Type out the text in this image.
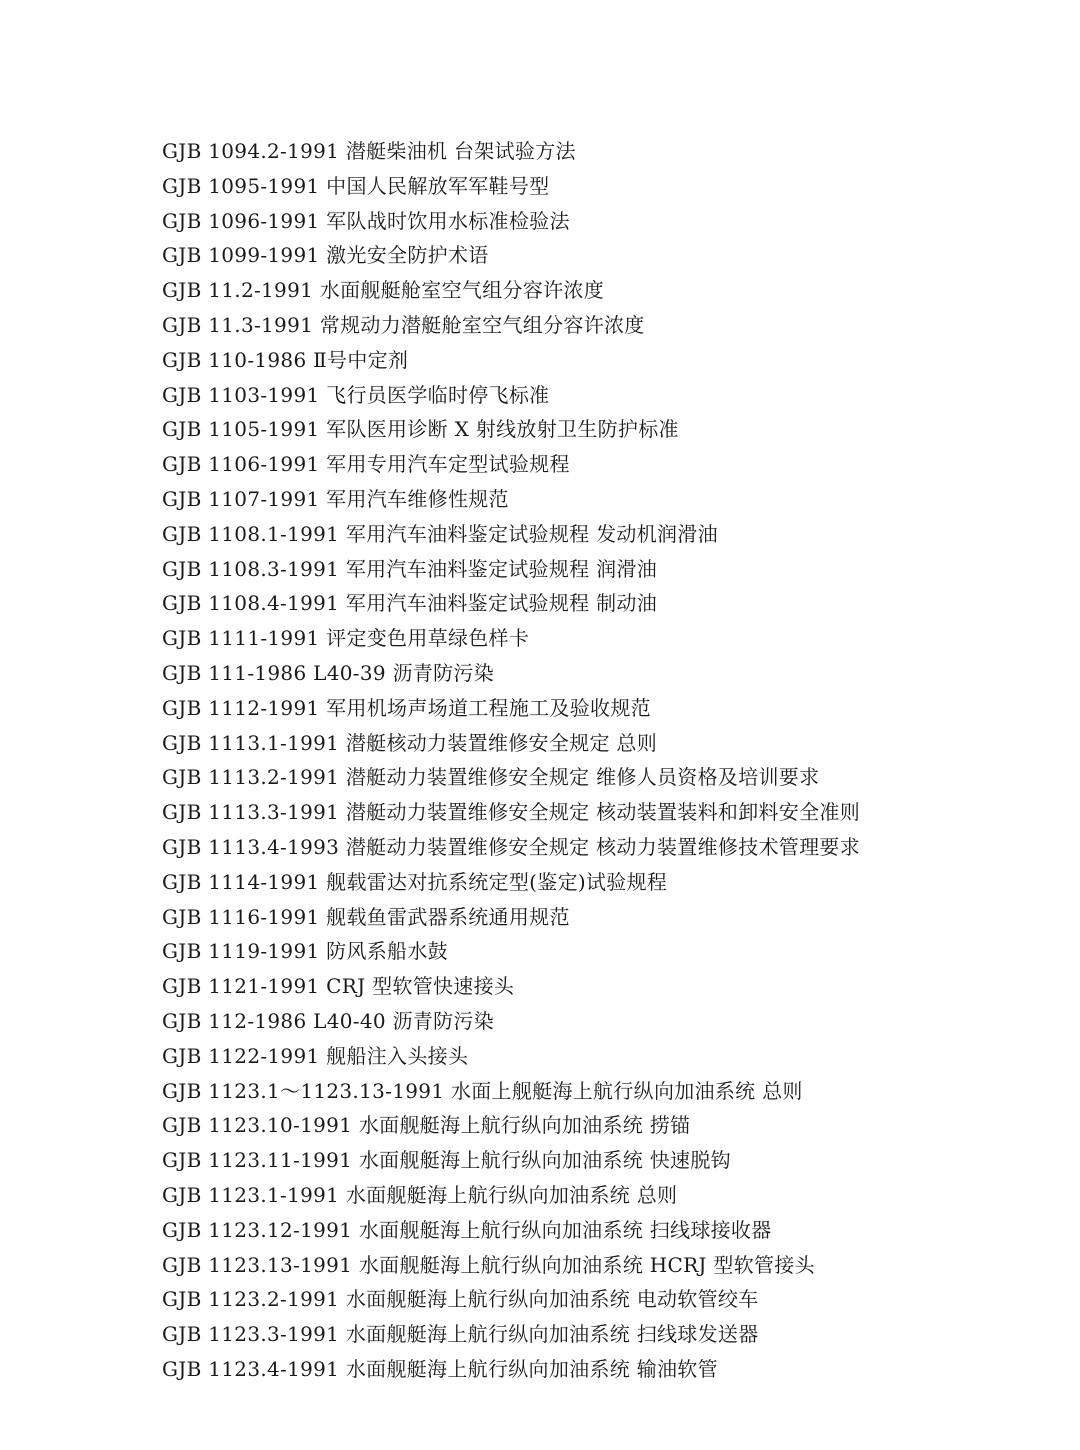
GJB 1094.2-1991 潜艇柴油机 台架试验方法
GJB 1095-1991 中国人民解放军军鞋号型
GJB 1096-1991 军队战时饮用水标准检验法
GJB 1099-1991 激光安全防护术语
GJB 11.2-1991 水面舰艇舱室空气组分容许浓度
GJB 11.3-1991 常规动力潜艇舱室空气组分容许浓度
GJB 110-1986 Ⅱ号中定剂
GJB 1103-1991 飞行员医学临时停飞标准
GJB 1105-1991 军队医用诊断 X 射线放射卫生防护标准
GJB 1106-1991 军用专用汽车定型试验规程
GJB 1107-1991 军用汽车维修性规范
GJB 1108.1-1991 军用汽车油料鉴定试验规程 发动机润滑油
GJB 1108.3-1991 军用汽车油料鉴定试验规程 润滑油
GJB 1108.4-1991 军用汽车油料鉴定试验规程 制动油
GJB 1111-1991 评定变色用草绿色样卡
GJB 111-1986 L40-39 沥青防污染
GJB 1112-1991 军用机场声场道工程施工及验收规范
GJB 1113.1-1991 潜艇核动力装置维修安全规定 总则
GJB 1113.2-1991 潜艇动力装置维修安全规定 维修人员资格及培训要求
GJB 1113.3-1991 潜艇动力装置维修安全规定 核动装置装料和卸料安全准则
GJB 1113.4-1993 潜艇动力装置维修安全规定 核动力装置维修技术管理要求
GJB 1114-1991 舰载雷达对抗系统定型(鉴定)试验规程
GJB 1116-1991 舰载鱼雷武器系统通用规范
GJB 1119-1991 防风系船水鼓
GJB 1121-1991 CRJ 型软管快速接头
GJB 112-1986 L40-40 沥青防污染
GJB 1122-1991 舰船注入头接头
GJB 1123.1～1123.13-1991 水面上舰艇海上航行纵向加油系统 总则
GJB 1123.10-1991 水面舰艇海上航行纵向加油系统 捞锚
GJB 1123.11-1991 水面舰艇海上航行纵向加油系统 快速脱钩
GJB 1123.1-1991 水面舰艇海上航行纵向加油系统 总则
GJB 1123.12-1991 水面舰艇海上航行纵向加油系统 扫线球接收器
GJB 1123.13-1991 水面舰艇海上航行纵向加油系统 HCRJ 型软管接头
GJB 1123.2-1991 水面舰艇海上航行纵向加油系统 电动软管绞车
GJB 1123.3-1991 水面舰艇海上航行纵向加油系统 扫线球发送器
GJB 1123.4-1991 水面舰艇海上航行纵向加油系统 输油软管
